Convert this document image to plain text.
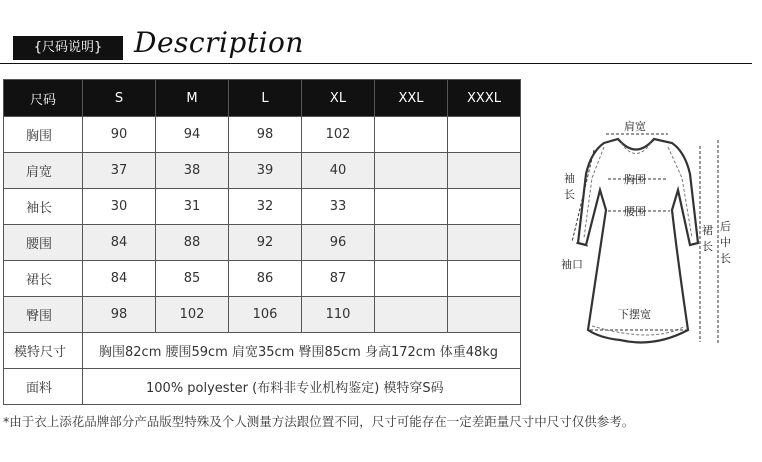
{尺码说明}	Description
尺码	S	M	L	XL	XXL	XXXL
胸围	90	94	98	102		
肩宽	37	38	39	40		
袖长	30	31	32	33		
腰围	84	88	92	96		
裙长	84	85	86	87		
臀围	98	102	106	110		
模特尺寸	胸围82cm 腰围59cm 肩宽35cm 臀围85cm 身高172cm 体重48kg					
面料	100% polyester (布料非专业机构鉴定) 模特穿S码					
肩宽
胸围
腰围
袖
长
袖口
下摆宽
裙
长
后
中
长
*由于衣上添花品牌部分产品版型特殊及个人测量方法跟位置不同，尺寸可能存在一定差距量尺寸中尺寸仅供参考。
